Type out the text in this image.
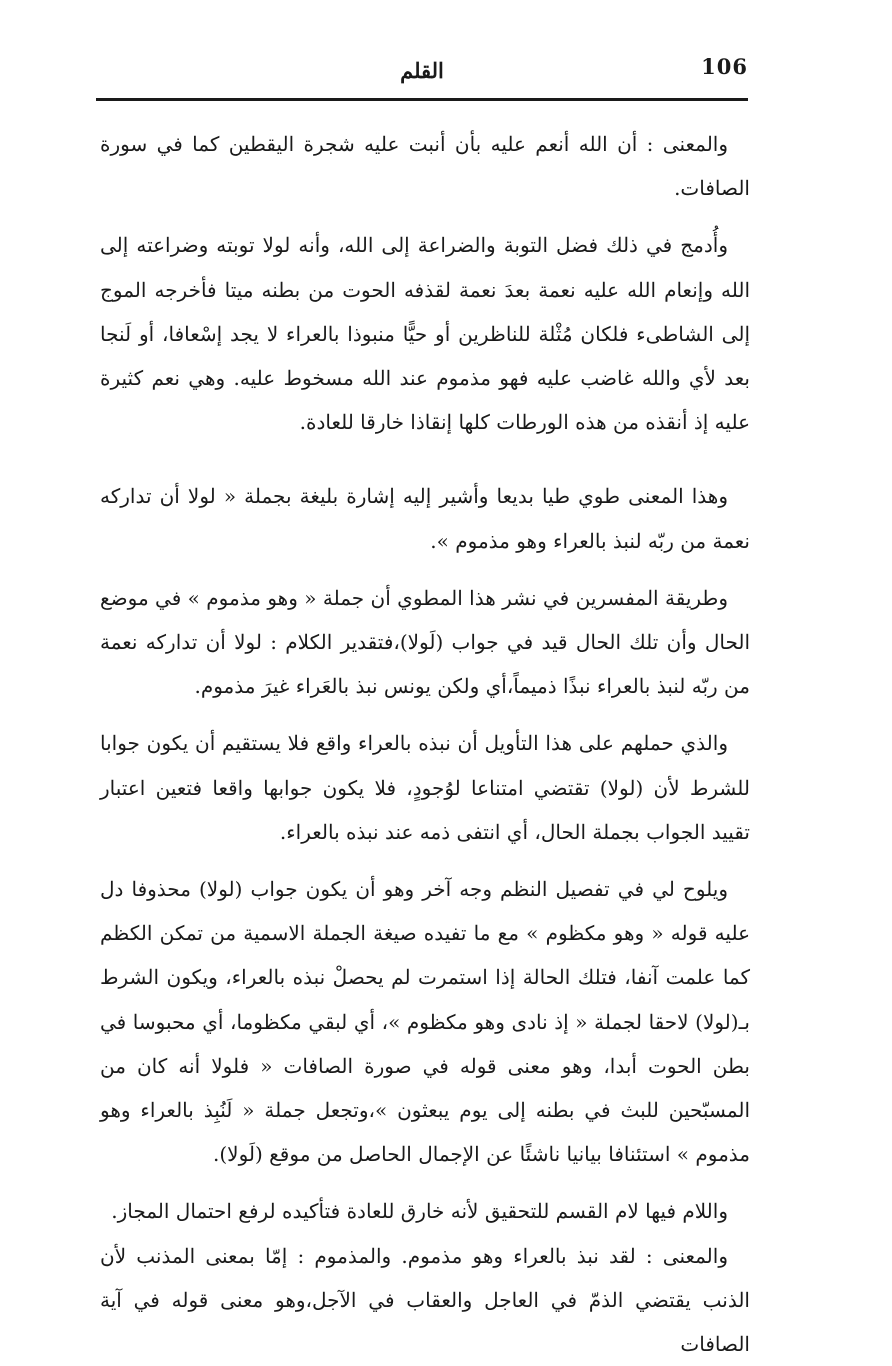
106
القلم

والمعنى : أن الله أنعم عليه بأن أنبت عليه شجرة اليقطين كما في سورة الصافات.

وأُدمج في ذلك فضل التوبة والضراعة إلى الله، وأنه لولا توبته وضراعته إلى الله وإنعام الله عليه نعمة بعدَ نعمة لقذفه الحوت من بطنه ميتا فأخرجه الموج إلى الشاطىء فلكان مُثْلة للناظرين أو حيًّا منبوذا بالعراء لا يجد إسْعافا، أو لَنجا بعد لأي والله غاضب عليه فهو مذموم عند الله مسخوط عليه. وهي نعم كثيرة عليه إذ أنقذه من هذه الورطات كلها إنقاذا خارقا للعادة.

وهذا المعنى طوي طيا بديعا وأشير إليه إشارة بليغة بجملة « لولا أن تداركه نعمة من ربّه لنبذ بالعراء وهو مذموم ».

وطريقة المفسرين في نشر هذا المطوي أن جملة « وهو مذموم » في موضع الحال وأن تلك الحال قيد في جواب (لَولا)،فتقدير الكلام : لولا أن تداركه نعمة من ربّه لنبذ بالعراء نبذًا ذميماً،أي ولكن يونس نبذ بالعَراء غيرَ مذموم.

والذي حملهم على هذا التأويل أن نبذه بالعراء واقع فلا يستقيم أن يكون جوابا للشرط لأن (لولا) تقتضي امتناعا لوُجودٍ، فلا يكون جوابها واقعا فتعين اعتبار تقييد الجواب بجملة الحال، أي انتفى ذمه عند نبذه بالعراء.

ويلوح لي في تفصيل النظم وجه آخر وهو أن يكون جواب (لولا) محذوفا دل عليه قوله « وهو مكظوم » مع ما تفيده صيغة الجملة الاسمية من تمكن الكظم كما علمت آنفا، فتلك الحالة إذا استمرت لم يحصلْ نبذه بالعراء، ويكون الشرط بـ(لولا) لاحقا لجملة « إذ نادى وهو مكظوم »، أي لبقي مكظوما، أي محبوسا في بطن الحوت أبدا، وهو معنى قوله في صورة الصافات « فلولا أنه كان من المسبّحين للبث في بطنه إلى يوم يبعثون »،وتجعل جملة « لَنُبِذ بالعراء وهو مذموم » استئنافا بيانيا ناشئًا عن الإجمال الحاصل من موقع (لَولا).

واللام فيها لام القسم للتحقيق لأنه خارق للعادة فتأكيده لرفع احتمال المجاز.

والمعنى : لقد نبذ بالعراء وهو مذموم. والمذموم : إمّا بمعنى المذنب لأن الذنب يقتضي الذمّ في العاجل والعقاب في الآجل،وهو معنى قوله في آية الصافات
